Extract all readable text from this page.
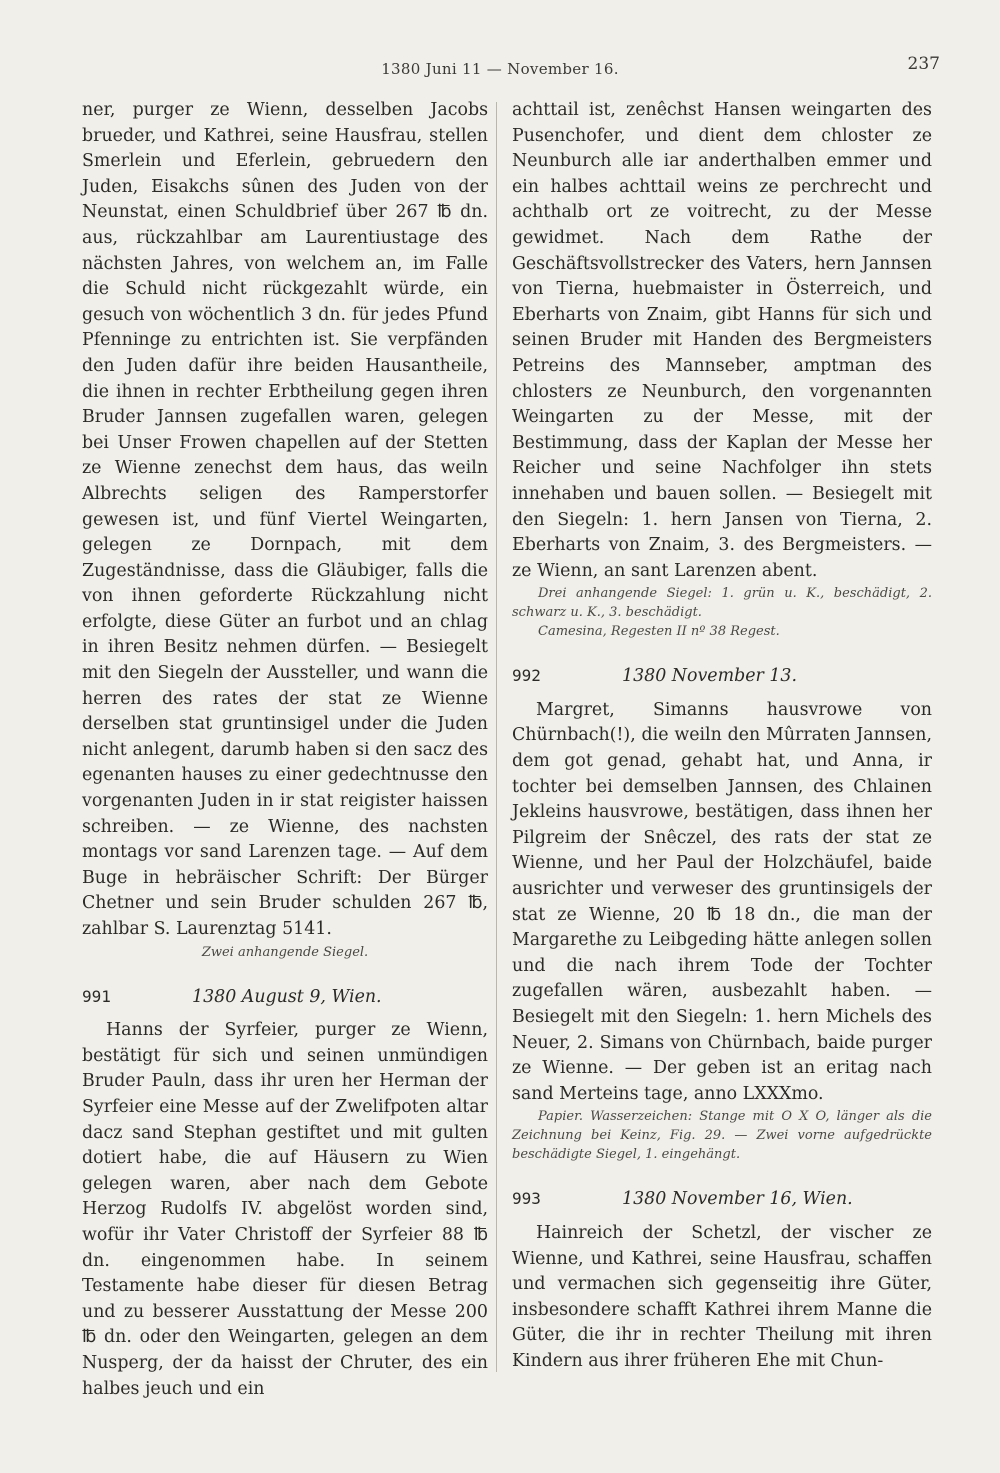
1380 Juni 11 — November 16.	237

ner, purger ze Wienn, desselben Jacobs brueder, und Kathrei, seine Hausfrau, stellen Smerlein und Eferlein, gebruedern den Juden, Eisakchs sûnen des Juden von der Neunstat, einen Schuldbrief über 267 ℔ dn. aus, rückzahlbar am Laurentiustage des nächsten Jahres, von welchem an, im Falle die Schuld nicht rückgezahlt würde, ein gesuch von wöchentlich 3 dn. für jedes Pfund Pfenninge zu entrichten ist. Sie verpfänden den Juden dafür ihre beiden Hausantheile, die ihnen in rechter Erbtheilung gegen ihren Bruder Jannsen zugefallen waren, gelegen bei Unser Frowen chapellen auf der Stetten ze Wienne zenechst dem haus, das weiln Albrechts seligen des Ramperstorfer gewesen ist, und fünf Viertel Weingarten, gelegen ze Dornpach, mit dem Zugeständnisse, dass die Gläubiger, falls die von ihnen geforderte Rückzahlung nicht erfolgte, diese Güter an furbot und an chlag in ihren Besitz nehmen dürfen. — Besiegelt mit den Siegeln der Aussteller, und wann die herren des rates der stat ze Wienne derselben stat gruntinsigel under die Juden nicht anlegent, darumb haben si den sacz des egenanten hauses zu einer gedechtnusse den vorgenanten Juden in ir stat reigister haissen schreiben. — ze Wienne, des nachsten montags vor sand Larenzen tage. — Auf dem Buge in hebräischer Schrift: Der Bürger Chetner und sein Bruder schulden 267 ℔, zahlbar S. Laurenztag 5141.

Zwei anhangende Siegel.

991	1380 August 9, Wien.

Hanns der Syrfeier, purger ze Wienn, bestätigt für sich und seinen unmündigen Bruder Pauln, dass ihr uren her Herman der Syrfeier eine Messe auf der Zwelifpoten altar dacz sand Stephan gestiftet und mit gulten dotiert habe, die auf Häusern zu Wien gelegen waren, aber nach dem Gebote Herzog Rudolfs IV. abgelöst worden sind, wofür ihr Vater Christoff der Syrfeier 88 ℔ dn. eingenommen habe. In seinem Testamente habe dieser für diesen Betrag und zu besserer Ausstattung der Messe 200 ℔ dn. oder den Weingarten, gelegen an dem Nusperg, der da haisst der Chruter, des ein halbes jeuch und ein

achttail ist, zenêchst Hansen weingarten des Pusenchofer, und dient dem chloster ze Neunburch alle iar anderthalben emmer und ein halbes achttail weins ze perchrecht und achthalb ort ze voitrecht, zu der Messe gewidmet. Nach dem Rathe der Geschäftsvollstrecker des Vaters, hern Jannsen von Tierna, huebmaister in Österreich, und Eberharts von Znaim, gibt Hanns für sich und seinen Bruder mit Handen des Bergmeisters Petreins des Mannseber, amptman des chlosters ze Neunburch, den vorgenannten Weingarten zu der Messe, mit der Bestimmung, dass der Kaplan der Messe her Reicher und seine Nachfolger ihn stets innehaben und bauen sollen. — Besiegelt mit den Siegeln: 1. hern Jansen von Tierna, 2. Eberharts von Znaim, 3. des Bergmeisters. — ze Wienn, an sant Larenzen abent.

Drei anhangende Siegel: 1. grün u. K., beschädigt, 2. schwarz u. K., 3. beschädigt.

Camesina, Regesten II nº 38 Regest.

992	1380 November 13.

Margret, Simanns hausvrowe von Chürnbach(!), die weiln den Mûrraten Jannsen, dem got genad, gehabt hat, und Anna, ir tochter bei demselben Jannsen, des Chlainen Jekleins hausvrowe, bestätigen, dass ihnen her Pilgreim der Snêczel, des rats der stat ze Wienne, und her Paul der Holzchäufel, baide ausrichter und verweser des gruntinsigels der stat ze Wienne, 20 ℔ 18 dn., die man der Margarethe zu Leibgeding hätte anlegen sollen und die nach ihrem Tode der Tochter zugefallen wären, ausbezahlt haben. — Besiegelt mit den Siegeln: 1. hern Michels des Neuer, 2. Simans von Chürnbach, baide purger ze Wienne. — Der geben ist an eritag nach sand Merteins tage, anno LXXXmo.

Papier. Wasserzeichen: Stange mit O X O, länger als die Zeichnung bei Keinz, Fig. 29. — Zwei vorne aufgedrückte beschädigte Siegel, 1. eingehängt.

993	1380 November 16, Wien.

Hainreich der Schetzl, der vischer ze Wienne, und Kathrei, seine Hausfrau, schaffen und vermachen sich gegenseitig ihre Güter, insbesondere schafft Kathrei ihrem Manne die Güter, die ihr in rechter Theilung mit ihren Kindern aus ihrer früheren Ehe mit Chun-
